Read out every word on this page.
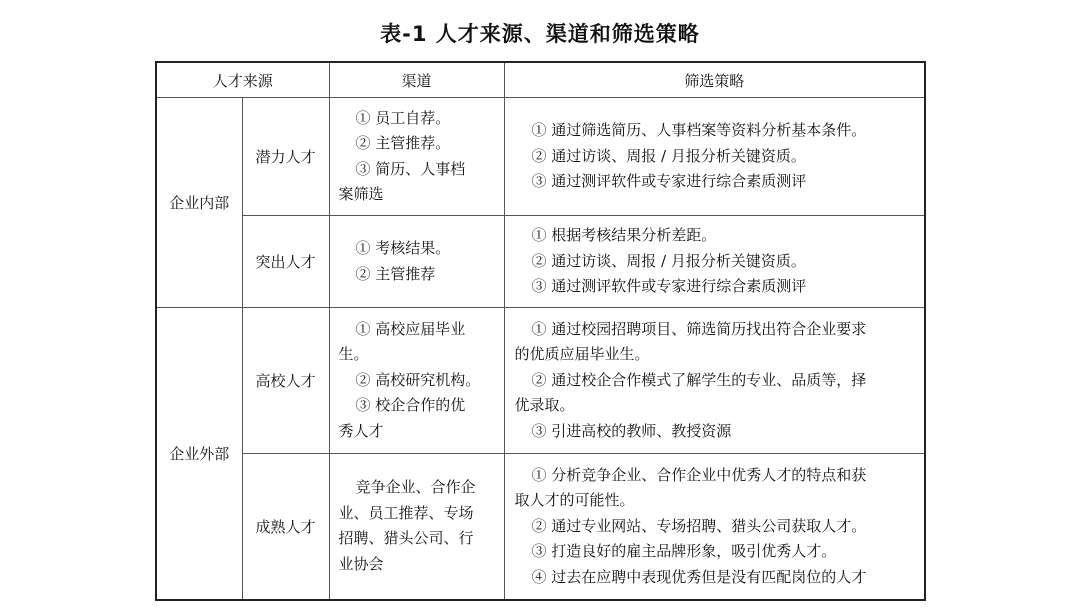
表-1 人才来源、渠道和筛选策略
人才来源		渠道	筛选策略
企业内部	潜力人才	① 员工自荐。
② 主管推荐。
③ 简历、人事档
案筛选	① 通过筛选简历、人事档案等资料分析基本条件。
② 通过访谈、周报 / 月报分析关键资质。
③ 通过测评软件或专家进行综合素质测评

	突出人才	① 考核结果。
② 主管推荐	① 根据考核结果分析差距。
② 通过访谈、周报 / 月报分析关键资质。
③ 通过测评软件或专家进行综合素质测评

企业外部	高校人才	① 高校应届毕业
生。
② 高校研究机构。
③ 校企合作的优
秀人才	① 通过校园招聘项目、筛选简历找出符合企业要求
的优质应届毕业生。
② 通过校企合作模式了解学生的专业、品质等，择
优录取。
③ 引进高校的教师、教授资源

	成熟人才	竞争企业、合作企
业、员工推荐、专场
招聘、猎头公司、行
业协会	① 分析竞争企业、合作企业中优秀人才的特点和获
取人才的可能性。
② 通过专业网站、专场招聘、猎头公司获取人才。
③ 打造良好的雇主品牌形象，吸引优秀人才。
④ 过去在应聘中表现优秀但是没有匹配岗位的人才
